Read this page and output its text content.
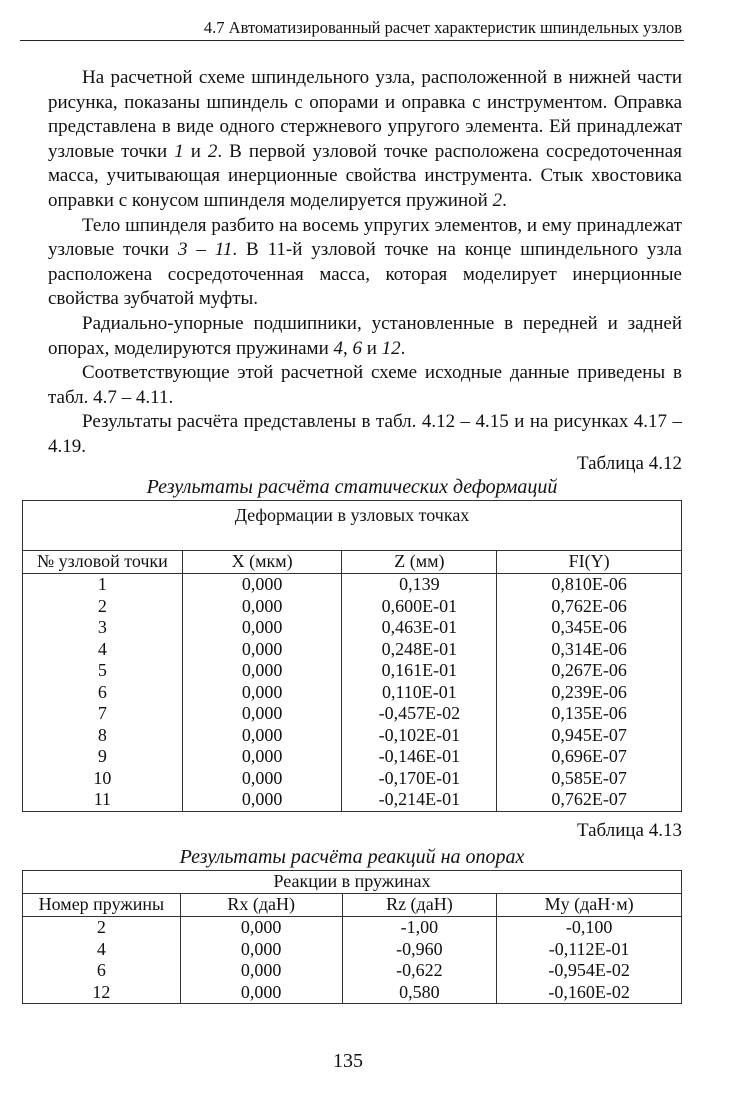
4.7 Автоматизированный расчет характеристик шпиндельных узлов

На расчетной схеме шпиндельного узла, расположенной в нижней части рисунка, показаны шпиндель с опорами и оправка с инструментом. Оправка представлена в виде одного стержневого упругого элемента. Ей принадлежат узловые точки 1 и 2. В первой узловой точке расположена сосредоточенная масса, учитывающая инерционные свойства инструмента. Стык хвостовика оправки с конусом шпинделя моделируется пружиной 2.

Тело шпинделя разбито на восемь упругих элементов, и ему принадлежат узловые точки 3 – 11. В 11-й узловой точке на конце шпиндельного узла расположена сосредоточенная масса, которая моделирует инерционные свойства зубчатой муфты.

Радиально-упорные подшипники, установленные в передней и задней опорах, моделируются пружинами 4, 6 и 12.

Соответствующие этой расчетной схеме исходные данные приведены в табл. 4.7 – 4.11.

Результаты расчёта представлены в табл. 4.12 – 4.15 и на рисунках 4.17 – 4.19.

Таблица 4.12
Результаты расчёта статических деформаций
Деформации в узловых точках			
№ узловой точки	X (мкм)	Z (мм)	FI(Y)
1	0,000	0,139	0,810E-06
2	0,000	0,600E-01	0,762E-06
3	0,000	0,463E-01	0,345E-06
4	0,000	0,248E-01	0,314E-06
5	0,000	0,161E-01	0,267E-06
6	0,000	0,110E-01	0,239E-06
7	0,000	-0,457E-02	0,135E-06
8	0,000	-0,102E-01	0,945E-07
9	0,000	-0,146E-01	0,696E-07
10	0,000	-0,170E-01	0,585E-07
11	0,000	-0,214E-01	0,762E-07
Таблица 4.13
Результаты расчёта реакций на опорах
Реакции в пружинах			
Номер пружины	Rx (даН)	Rz (даН)	My (даН·м)
2	0,000	-1,00	-0,100
4	0,000	-0,960	-0,112E-01
6	0,000	-0,622	-0,954E-02
12	0,000	0,580	-0,160E-02
135
